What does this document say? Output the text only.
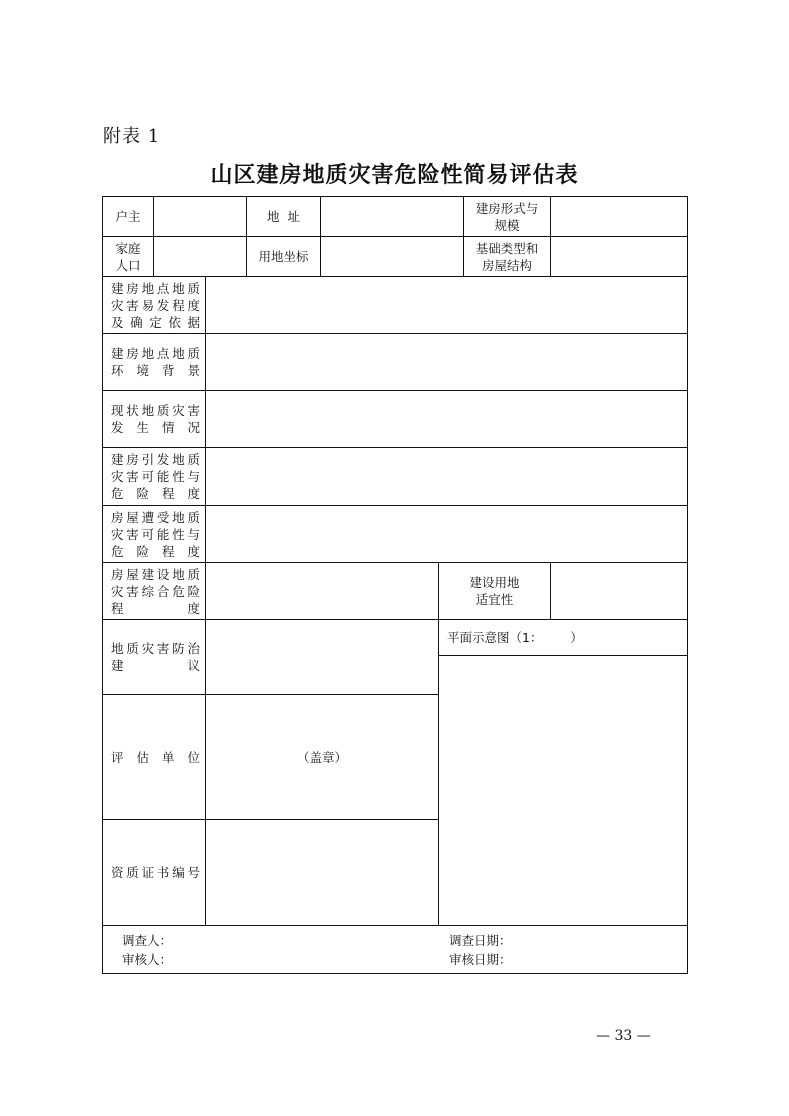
附表 1
山区建房地质灾害危险性简易评估表
户主	地  址
建房形式与
规模
家庭
人口
用地坐标
基础类型和
房屋结构
建房地点地质
灾害易发程度
及确定依据
建房地点地质
环境背景
现状地质灾害
发生情况
建房引发地质
灾害可能性与
危险程度
房屋遭受地质
灾害可能性与
危险程度
房屋建设地质
灾害综合危险
程度
建设用地
适宜性
地质灾害防治
建议
平面示意图（1：       ）
评估单位	（盖章）
资质证书编号
调查人：
审核人：
调查日期：
审核日期：
— 33 —
